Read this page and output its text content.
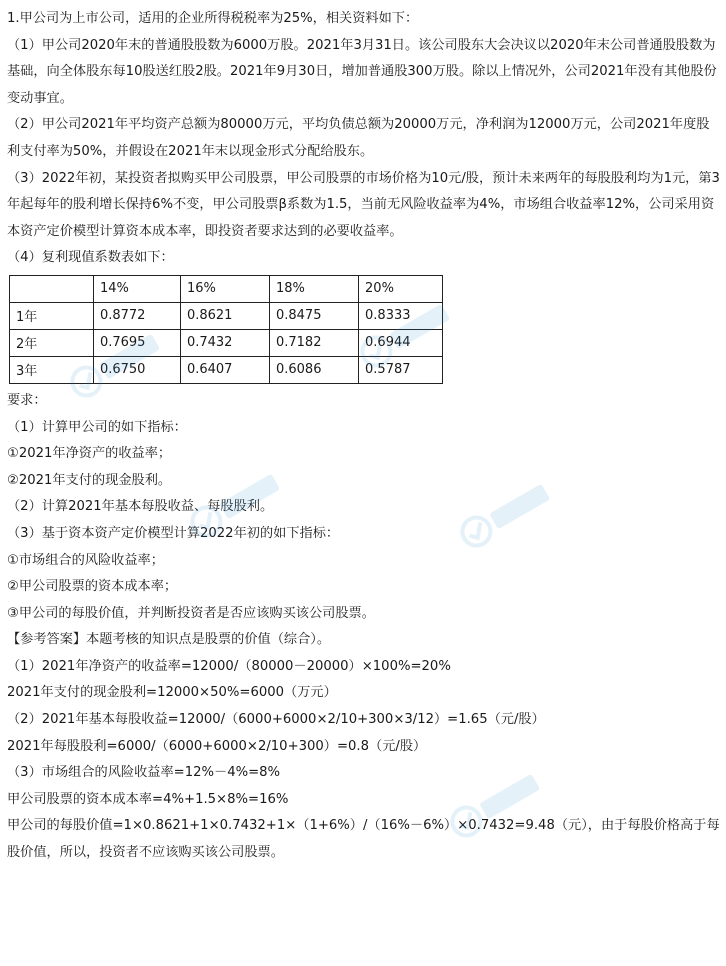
1.甲公司为上市公司，适用的企业所得税税率为25%，相关资料如下：

（1）甲公司2020年末的普通股股数为6000万股。2021年3月31日。该公司股东大会决议以2020年末公司普通股股数为基础，向全体股东每10股送红股2股。2021年9月30日，增加普通股300万股。除以上情况外，公司2021年没有其他股份变动事宜。

（2）甲公司2021年平均资产总额为80000万元，平均负债总额为20000万元，净利润为12000万元，公司2021年度股利支付率为50%，并假设在2021年末以现金形式分配给股东。

（3）2022年初，某投资者拟购买甲公司股票，甲公司股票的市场价格为10元/股，预计未来两年的每股股利均为1元，第3年起每年的股利增长保持6%不变，甲公司股票β系数为1.5，当前无风险收益率为4%，市场组合收益率12%，公司采用资本资产定价模型计算资本成本率，即投资者要求达到的必要收益率。

（4）复利现值系数表如下：

	14%	16%	18%	20%
1年	0.8772	0.8621	0.8475	0.8333
2年	0.7695	0.7432	0.7182	0.6944
3年	0.6750	0.6407	0.6086	0.5787

要求：

（1）计算甲公司的如下指标：

①2021年净资产的收益率；

②2021年支付的现金股利。

（2）计算2021年基本每股收益、每股股利。

（3）基于资本资产定价模型计算2022年初的如下指标：

①市场组合的风险收益率；

②甲公司股票的资本成本率；

③甲公司的每股价值，并判断投资者是否应该购买该公司股票。

【参考答案】本题考核的知识点是股票的价值（综合）。

（1）2021年净资产的收益率=12000/（80000－20000）×100%=20%

2021年支付的现金股利=12000×50%=6000（万元）

（2）2021年基本每股收益=12000/（6000+6000×2/10+300×3/12）=1.65（元/股）

2021年每股股利=6000/（6000+6000×2/10+300）=0.8（元/股）

（3）市场组合的风险收益率=12%－4%=8%

甲公司股票的资本成本率=4%+1.5×8%=16%

甲公司的每股价值=1×0.8621+1×0.7432+1×（1+6%）/（16%－6%）×0.7432=9.48（元），由于每股价格高于每股价值，所以，投资者不应该购买该公司股票。
